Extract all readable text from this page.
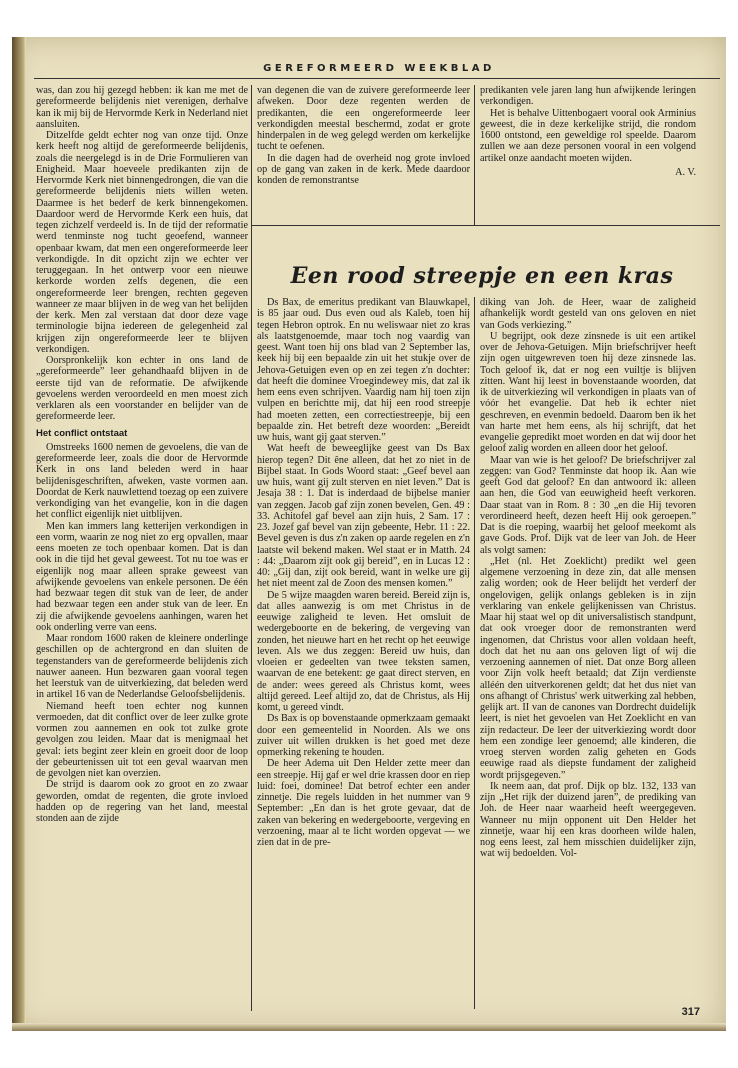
GEREFORMEERD WEEKBLAD

was, dan zou hij gezegd hebben: ik kan me met de gereformeerde belijdenis niet verenigen, derhalve kan ik mij bij de Hervormde Kerk in Nederland niet aansluiten.

Ditzelfde geldt echter nog van onze tijd. Onze kerk heeft nog altijd de gereformeerde belijdenis, zoals die neergelegd is in de Drie Formulieren van Enigheid. Maar hoeveele predikanten zijn de Hervormde Kerk niet binnengedrongen, die van die gereformeerde belijdenis niets willen weten. Daarmee is het bederf de kerk binnengekomen. Daardoor werd de Hervormde Kerk een huis, dat tegen zichzelf verdeeld is. In de tijd der reformatie werd tenminste nog tucht geoefend, wanneer openbaar kwam, dat men een ongereformeerde leer verkondigde. In dit opzicht zijn we echter ver teruggegaan. In het ontwerp voor een nieuwe kerkorde worden zelfs degenen, die een ongereformeerde leer brengen, rechten gegeven wanneer ze maar blijven in de weg van het belijden der kerk. Men zal verstaan dat door deze vage terminologie bijna iedereen de gelegenheid zal krijgen zijn ongereformeerde leer te blijven verkondigen.

Oorspronkelijk kon echter in ons land de „gereformeerde” leer gehandhaafd blijven in de eerste tijd van de reformatie. De afwijkende gevoelens werden veroordeeld en men moest zich verklaren als een voorstander en belijder van de gereformeerde leer.

Het conflict ontstaat

Omstreeks 1600 nemen de gevoelens, die van de gereformeerde leer, zoals die door de Hervormde Kerk in ons land beleden werd in haar belijdenisgeschriften, afweken, vaste vormen aan. Doordat de Kerk nauwlettend toezag op een zuivere verkondiging van het evangelie, kon in die dagen het conflict eigenlijk niet uitblijven.

Men kan immers lang ketterijen verkondigen in een vorm, waarin ze nog niet zo erg opvallen, maar eens moeten ze toch openbaar komen. Dat is dan ook in die tijd het geval geweest. Tot nu toe was er eigenlijk nog maar alleen sprake geweest van afwijkende gevoelens van enkele personen. De één had bezwaar tegen dit stuk van de leer, de ander had bezwaar tegen een ander stuk van de leer. En zij die afwijkende gevoelens aanhingen, waren het ook onderling verre van eens.

Maar rondom 1600 raken de kleinere onderlinge geschillen op de achtergrond en dan sluiten de tegenstanders van de gereformeerde belijdenis zich nauwer aaneen. Hun bezwaren gaan vooral tegen het leerstuk van de uitverkiezing, dat beleden werd in artikel 16 van de Nederlandse Geloofsbelijdenis.

Niemand heeft toen echter nog kunnen vermoeden, dat dit conflict over de leer zulke grote vormen zou aannemen en ook tot zulke grote gevolgen zou leiden. Maar dat is menigmaal het geval: iets begint zeer klein en groeit door de loop der gebeurtenissen uit tot een geval waarvan men de gevolgen niet kan overzien.

De strijd is daarom ook zo groot en zo zwaar geworden, omdat de regenten, die grote invloed hadden op de regering van het land, meestal stonden aan de zijde

van degenen die van de zuivere gereformeerde leer afweken. Door deze regenten werden de predikanten, die een ongereformeerde leer verkondigden meestal beschermd, zodat er grote hinderpalen in de weg gelegd werden om kerkelijke tucht te oefenen.

In die dagen had de overheid nog grote invloed op de gang van zaken in de kerk. Mede daardoor konden de remonstrantse

predikanten vele jaren lang hun afwijkende leringen verkondigen.

Het is behalve Uittenbogaert vooral ook Arminius geweest, die in deze kerkelijke strijd, die rondom 1600 ontstond, een geweldige rol speelde. Daarom zullen we aan deze personen vooral in een volgend artikel onze aandacht moeten wijden.

A. V.
Een rood streepje en een kras

Ds Bax, de emeritus predikant van Blauwkapel, is 85 jaar oud. Dus even oud als Kaleb, toen hij tegen Hebron optrok. En nu weliswaar niet zo kras als laatstgenoemde, maar toch nog vaardig van geest. Want toen hij ons blad van 2 September las, keek hij bij een bepaalde zin uit het stukje over de Jehova-Getuigen even op en zei tegen z'n dochter: dat heeft die dominee Vroegindewey mis, dat zal ik hem eens even schrijven. Vaardig nam hij toen zijn vulpen en berichtte mij, dat hij een rood streepje had moeten zetten, een correctiestreepje, bij een bepaalde zin. Het betreft deze woorden: „Bereidt uw huis, want gij gaat sterven.”

Wat heeft de beweeglijke geest van Ds Bax hierop tegen? Dit êne alleen, dat het zo niet in de Bijbel staat. In Gods Woord staat: „Geef bevel aan uw huis, want gij zult sterven en niet leven.” Dat is Jesaja 38 : 1. Dat is inderdaad de bijbelse manier van zeggen. Jacob gaf zijn zonen bevelen, Gen. 49 : 33. Achitofel gaf bevel aan zijn huis, 2 Sam. 17 : 23. Jozef gaf bevel van zijn gebeente, Hebr. 11 : 22. Bevel geven is dus z'n zaken op aarde regelen en z'n laatste wil bekend maken. Wel staat er in Matth. 24 : 44: „Daarom zijt ook gij bereid”, en in Lucas 12 : 40: „Gij dan, zijt ook bereid, want in welke ure gij het niet meent zal de Zoon des mensen komen.”

De 5 wijze maagden waren bereid. Bereid zijn is, dat alles aanwezig is om met Christus in de eeuwige zaligheid te leven. Het omsluit de wedergeboorte en de bekering, de vergeving van zonden, het nieuwe hart en het recht op het eeuwige leven. Als we dus zeggen: Bereid uw huis, dan vloeien er gedeelten van twee teksten samen, waarvan de ene betekent: ge gaat direct sterven, en de ander: wees gereed als Christus komt, wees altijd gereed. Leef altijd zo, dat de Christus, als Hij komt, u gereed vindt.

Ds Bax is op bovenstaande opmerkzaam gemaakt door een gemeentelid in Noorden. Als we ons zuiver uit willen drukken is het goed met deze opmerking rekening te houden.

De heer Adema uit Den Helder zette meer dan een streepje. Hij gaf er wel drie krassen door en riep luid: foei, dominee! Dat betrof echter een ander zinnetje. Die regels luidden in het nummer van 9 September: „En dan is het grote gevaar, dat de zaken van bekering en wedergeboorte, vergeving en verzoening, maar al te licht worden opgevat — we zien dat in de pre-

diking van Joh. de Heer, waar de zaligheid afhankelijk wordt gesteld van ons geloven en niet van Gods verkiezing.”

U begrijpt, ook deze zinsnede is uit een artikel over de Jehova-Getuigen. Mijn briefschrijver heeft zijn ogen uitgewreven toen hij deze zinsnede las. Toch geloof ik, dat er nog een vuiltje is blijven zitten. Want hij leest in bovenstaande woorden, dat ik de uitverkiezing wil verkondigen in plaats van of vóór het evangelie. Dat heb ik echter niet geschreven, en evenmin bedoeld. Daarom ben ik het van harte met hem eens, als hij schrijft, dat het evangelie gepredikt moet worden en dat wij door het geloof zalig worden en alleen door het geloof.

Maar van wie is het geloof? De briefschrijver zal zeggen: van God? Tenminste dat hoop ik. Aan wie geeft God dat geloof? En dan antwoord ik: alleen aan hen, die God van eeuwigheid heeft verkoren. Daar staat van in Rom. 8 : 30 „en die Hij tevoren verordineerd heeft, dezen heeft Hij ook geroepen.” Dat is die roeping, waarbij het geloof meekomt als gave Gods. Prof. Dijk vat de leer van Joh. de Heer als volgt samen:

„Het (nl. Het Zoeklicht) predikt wel geen algemene verzoening in deze zin, dat alle mensen zalig worden; ook de Heer belijdt het verderf der ongelovigen, gelijk onlangs gebleken is in zijn verklaring van enkele gelijkenissen van Christus. Maar hij staat wel op dit universalistisch standpunt, dat ook vroeger door de remonstranten werd ingenomen, dat Christus voor allen voldaan heeft, doch dat het nu aan ons geloven ligt of wij die verzoening aannemen of niet. Dat onze Borg alleen voor Zijn volk heeft betaald; dat Zijn verdienste alléén den uitverkorenen geldt; dat het dus niet van ons afhangt of Christus' werk uitwerking zal hebben, gelijk art. II van de canones van Dordrecht duidelijk leert, is niet het gevoelen van Het Zoeklicht en van zijn redacteur. De leer der uitverkiezing wordt door hem een zondige leer genoemd; alle kinderen, die vroeg sterven worden zalig geheten en Gods eeuwige raad als diepste fundament der zaligheid wordt prijsgegeven.”

Ik neem aan, dat prof. Dijk op blz. 132, 133 van zijn „Het rijk der duizend jaren”, de prediking van Joh. de Heer naar waarheid heeft weergegeven. Wanneer nu mijn opponent uit Den Helder het zinnetje, waar hij een kras doorheen wilde halen, nog eens leest, zal hem misschien duidelijker zijn, wat wij bedoelden. Vol-

317
